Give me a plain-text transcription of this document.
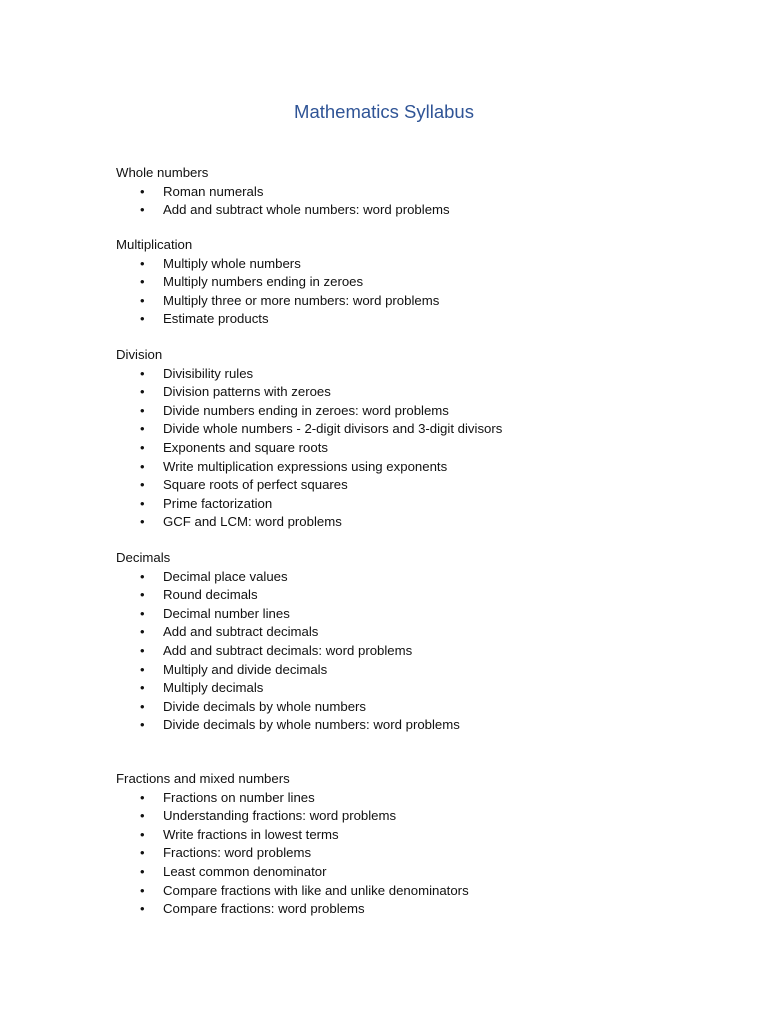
Mathematics Syllabus
Whole numbers
• Roman numerals
• Add and subtract whole numbers: word problems
Multiplication
• Multiply whole numbers
• Multiply numbers ending in zeroes
• Multiply three or more numbers: word problems
• Estimate products
Division
• Divisibility rules
• Division patterns with zeroes
• Divide numbers ending in zeroes: word problems
• Divide whole numbers - 2-digit divisors and 3-digit divisors
• Exponents and square roots
• Write multiplication expressions using exponents
• Square roots of perfect squares
• Prime factorization
• GCF and LCM: word problems
Decimals
• Decimal place values
• Round decimals
• Decimal number lines
• Add and subtract decimals
• Add and subtract decimals: word problems
• Multiply and divide decimals
• Multiply decimals
• Divide decimals by whole numbers
• Divide decimals by whole numbers: word problems
Fractions and mixed numbers
• Fractions on number lines
• Understanding fractions: word problems
• Write fractions in lowest terms
• Fractions: word problems
• Least common denominator
• Compare fractions with like and unlike denominators
• Compare fractions: word problems
